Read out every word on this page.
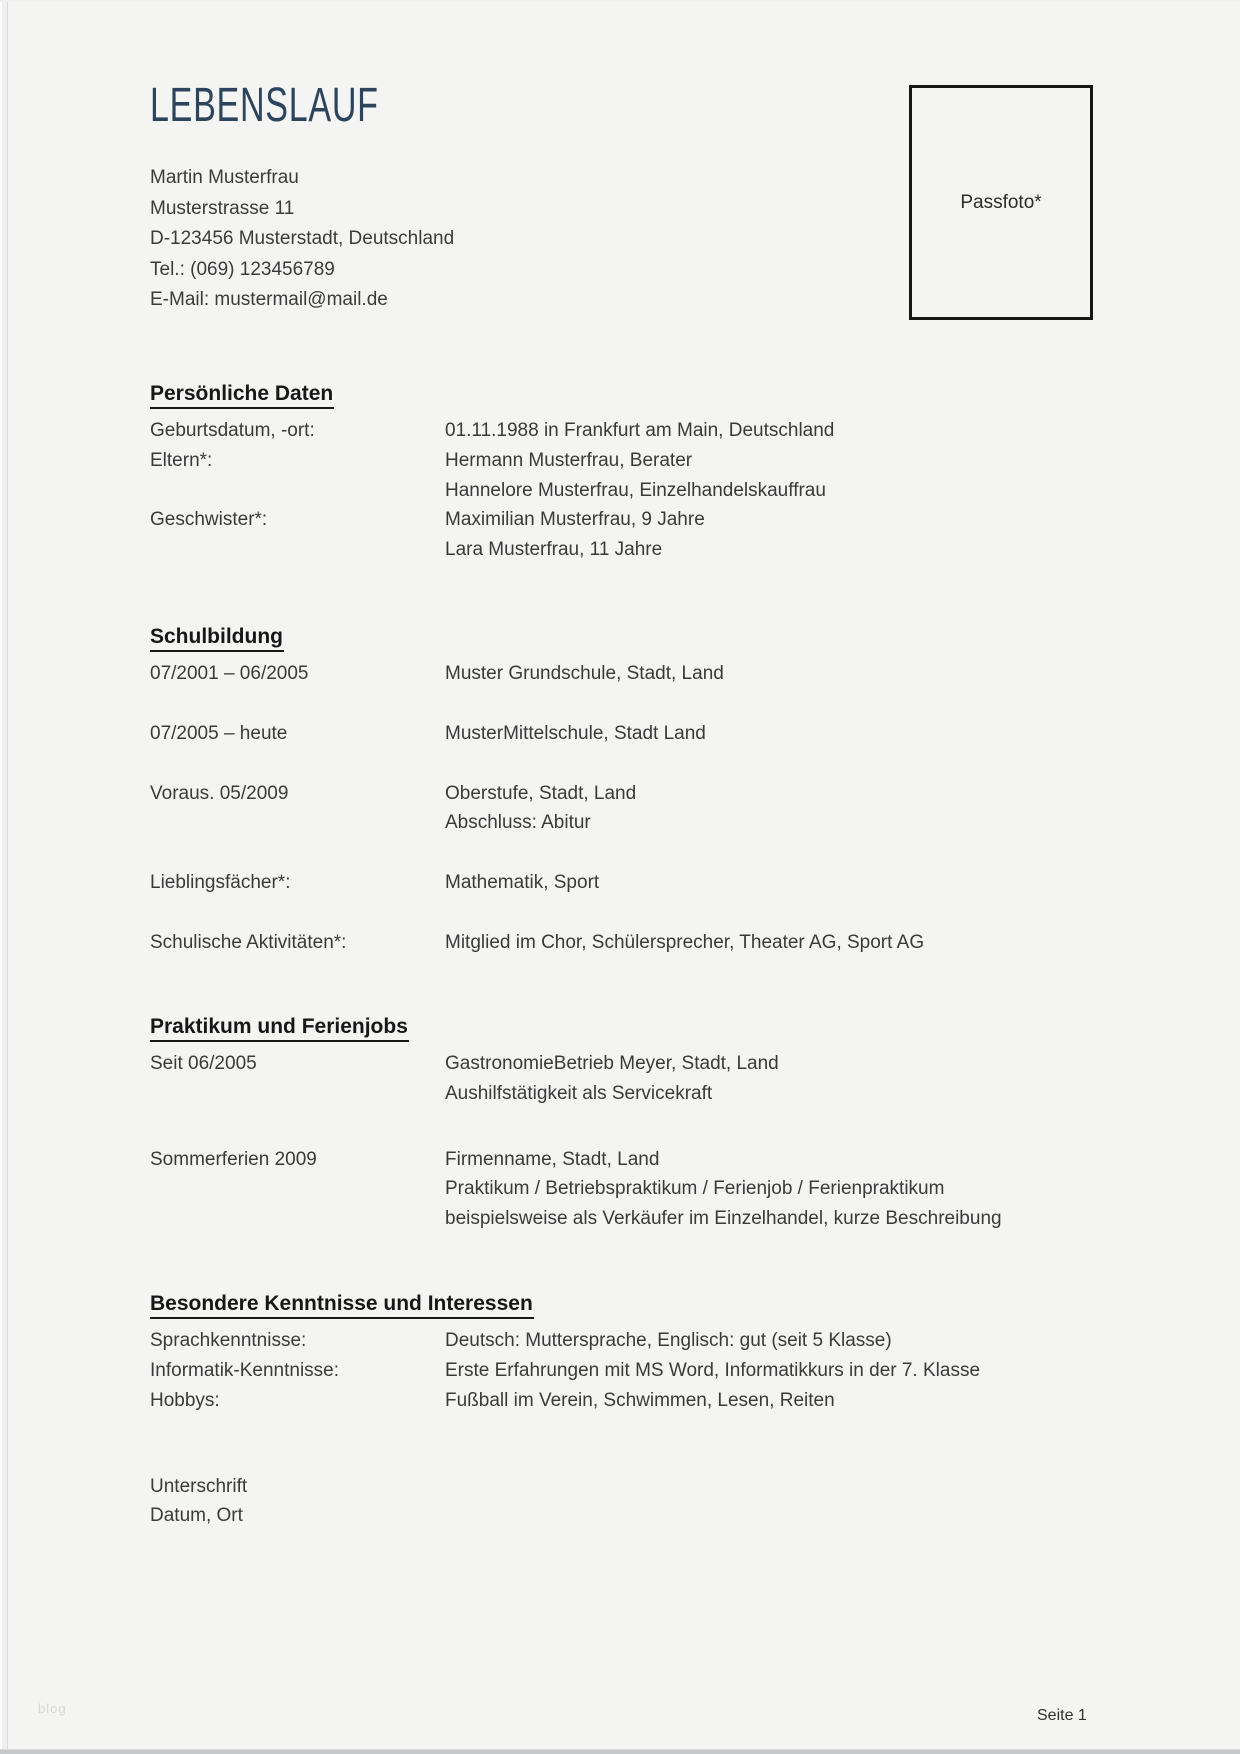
LEBENSLAUF
Martin Musterfrau
Musterstrasse 11
D-123456 Musterstadt, Deutschland
Tel.: (069) 123456789
E-Mail: mustermail@mail.de
Passfoto*
Persönliche Daten
Geburtsdatum, -ort:	01.11.1988 in Frankfurt am Main, Deutschland
Eltern*:	Hermann Musterfrau, Berater
Hannelore Musterfrau, Einzelhandelskauffrau
Geschwister*:	Maximilian Musterfrau, 9 Jahre
Lara Musterfrau, 11 Jahre
Schulbildung
07/2001 – 06/2005	Muster Grundschule, Stadt, Land
07/2005 – heute	MusterMittelschule, Stadt Land
Voraus. 05/2009	Oberstufe, Stadt, Land
Abschluss: Abitur
Lieblingsfächer*:	Mathematik, Sport
Schulische Aktivitäten*:	Mitglied im Chor, Schülersprecher, Theater AG, Sport AG
Praktikum und Ferienjobs
Seit 06/2005	GastronomieBetrieb Meyer, Stadt, Land
Aushilfstätigkeit als Servicekraft
Sommerferien 2009	Firmenname, Stadt, Land
Praktikum / Betriebspraktikum / Ferienjob / Ferienpraktikum
beispielsweise als Verkäufer im Einzelhandel, kurze Beschreibung
Besondere Kenntnisse und Interessen
Sprachkenntnisse:	Deutsch: Muttersprache, Englisch: gut (seit 5 Klasse)
Informatik-Kenntnisse:	Erste Erfahrungen mit MS Word, Informatikkurs in der 7. Klasse
Hobbys:	Fußball im Verein, Schwimmen, Lesen, Reiten
Unterschrift
Datum, Ort
blog	Seite 1
